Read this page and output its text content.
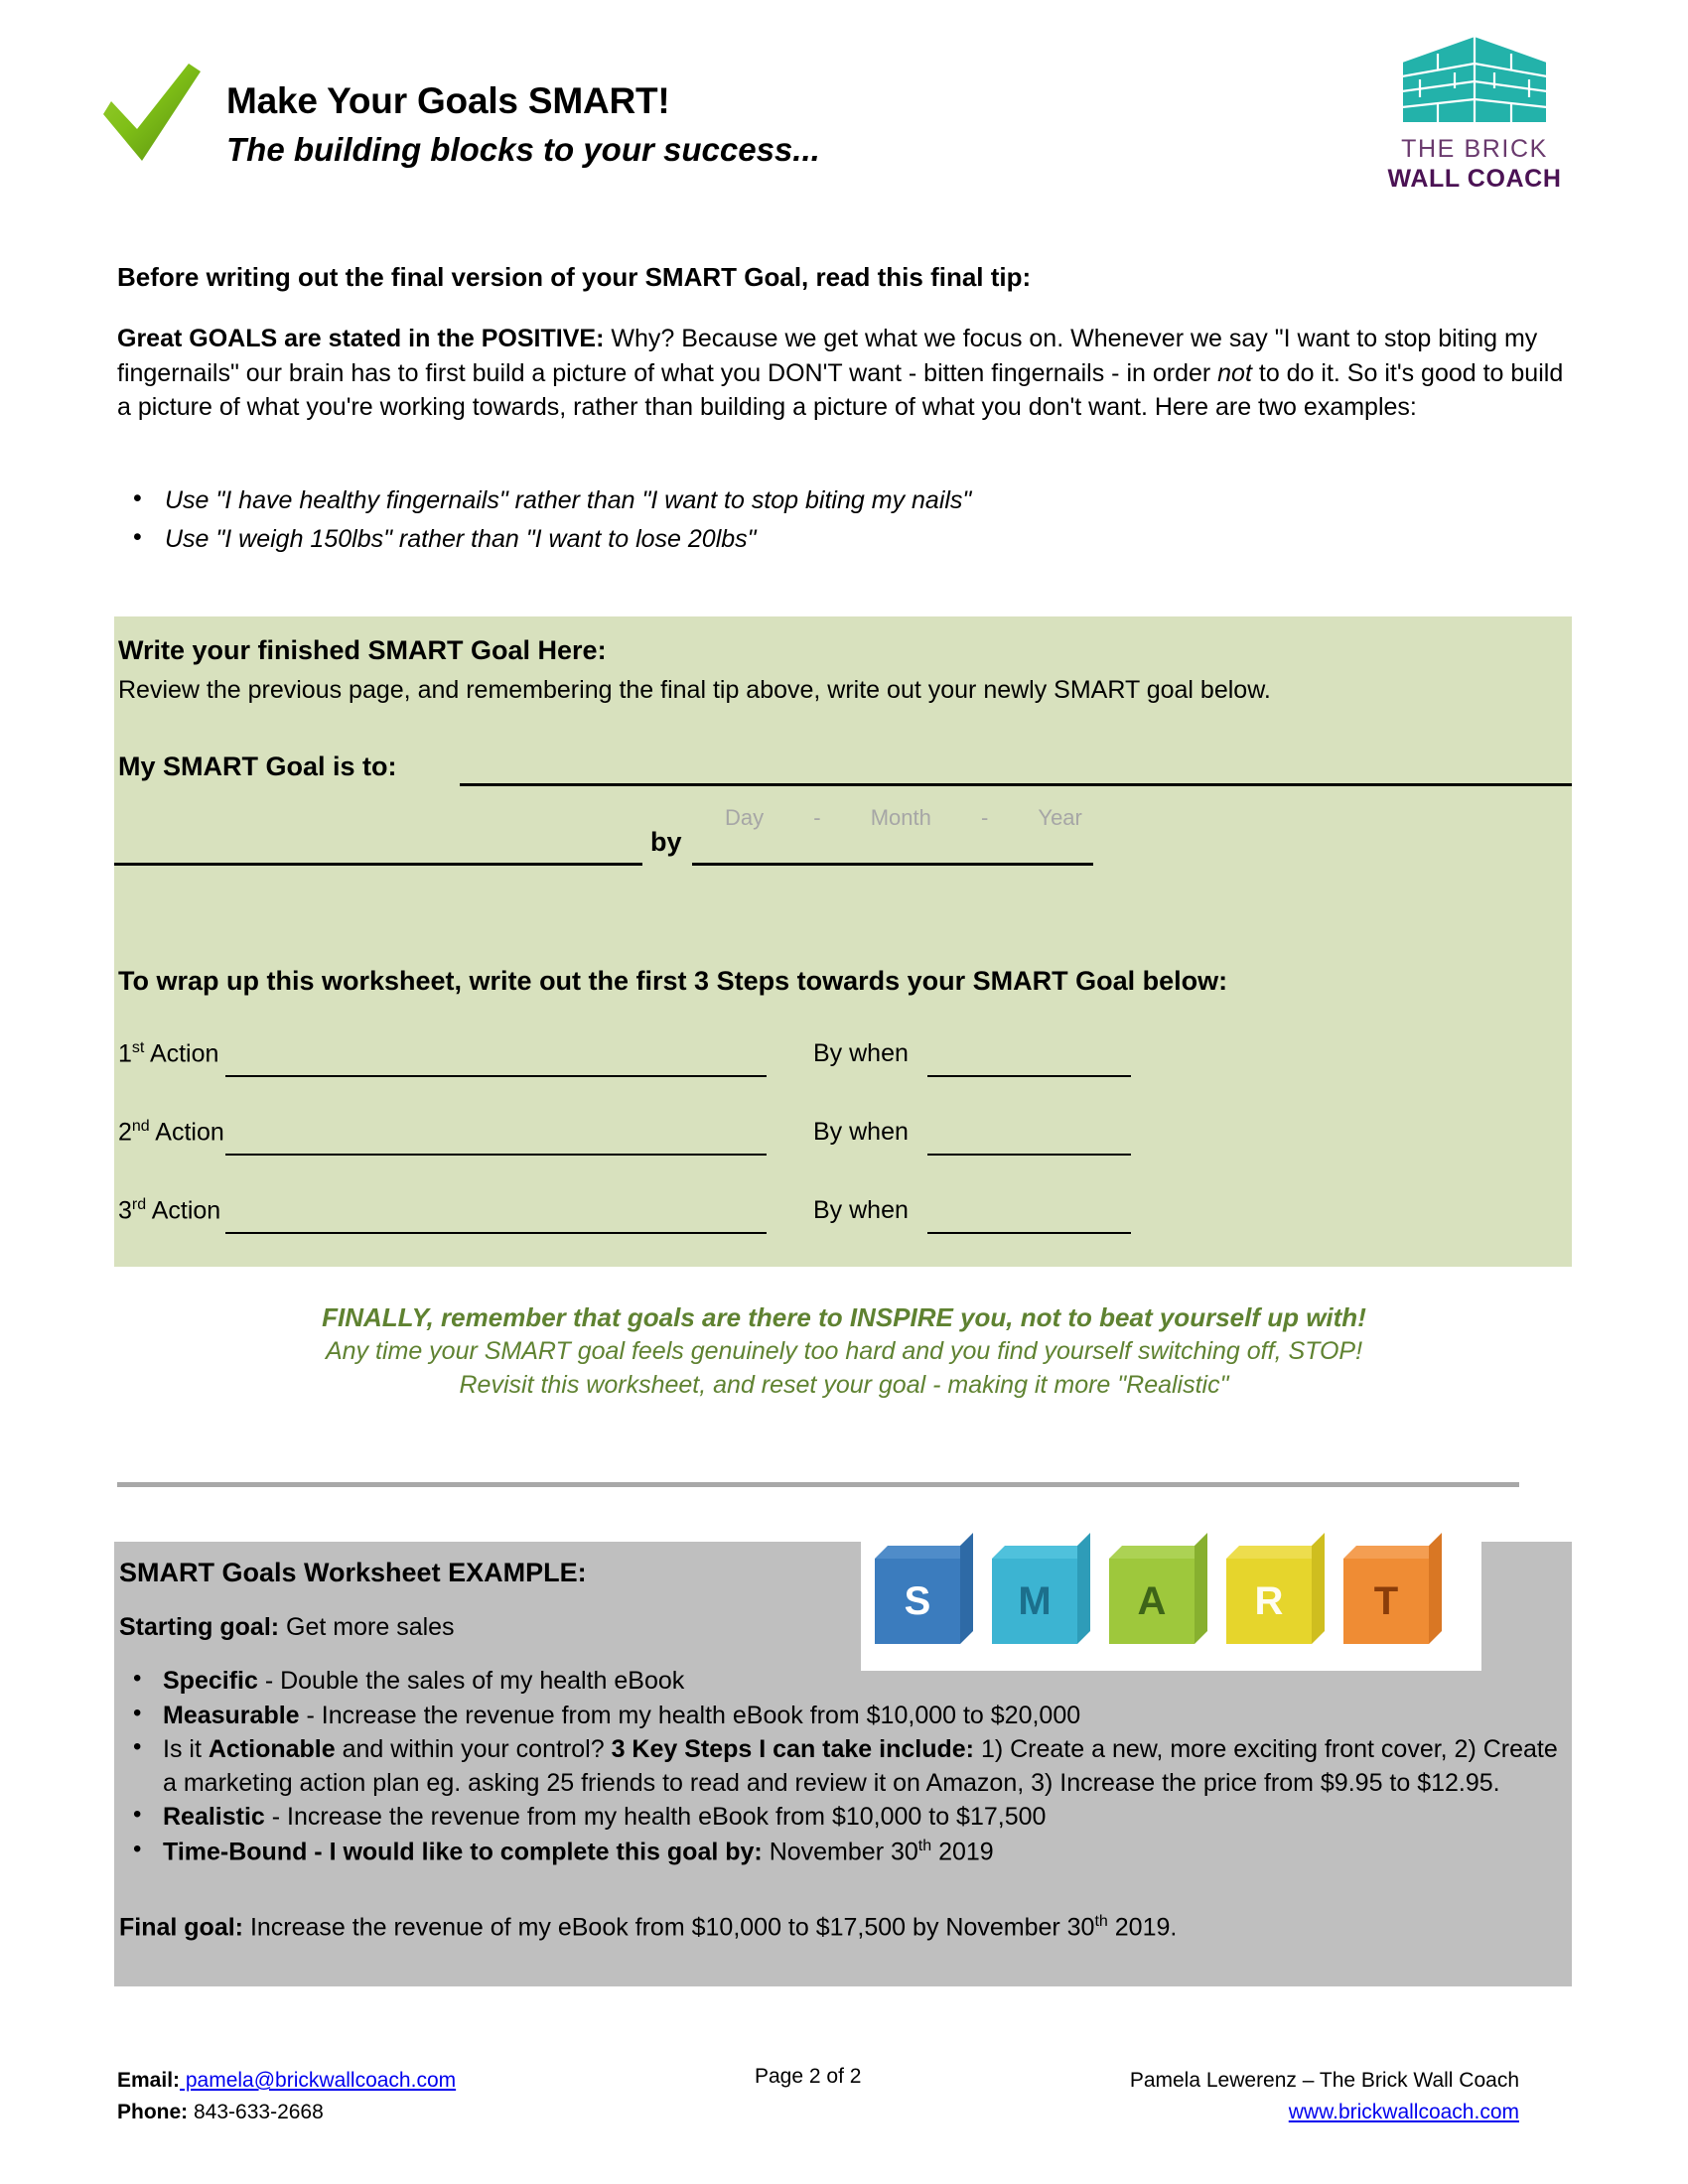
Make Your Goals SMART!
The building blocks to your success...	THE BRICK
WALL COACH
Before writing out the final version of your SMART Goal, read this final tip:
Great GOALS are stated in the POSITIVE: Why? Because we get what we focus on. Whenever we say "I want to stop biting my fingernails" our brain has to first build a picture of what you DON'T want - bitten fingernails - in order not to do it. So it's good to build a picture of what you're working towards, rather than building a picture of what you don't want. Here are two examples:
• Use "I have healthy fingernails" rather than "I want to stop biting my nails"
• Use "I weigh 150lbs" rather than "I want to lose 20lbs"
Write your finished SMART Goal Here:
Review the previous page, and remembering the final tip above, write out your newly SMART goal below.
My SMART Goal is to:
by
Day - Month - Year
To wrap up this worksheet, write out the first 3 Steps towards your SMART Goal below:
1st Action	By when
2nd Action	By when
3rd Action	By when
FINALLY, remember that goals are there to INSPIRE you, not to beat yourself up with!
Any time your SMART goal feels genuinely too hard and you find yourself switching off, STOP!
Revisit this worksheet, and reset your goal - making it more "Realistic"
SMART Goals Worksheet EXAMPLE:
Starting goal: Get more sales
S M A R T
• Specific - Double the sales of my health eBook
• Measurable - Increase the revenue from my health eBook from $10,000 to $20,000
• Is it Actionable and within your control? 3 Key Steps I can take include: 1) Create a new, more exciting front cover, 2) Create a marketing action plan eg. asking 25 friends to read and review it on Amazon, 3) Increase the price from $9.95 to $12.95.
• Realistic - Increase the revenue from my health eBook from $10,000 to $17,500
• Time-Bound - I would like to complete this goal by: November 30th 2019
Final goal: Increase the revenue of my eBook from $10,000 to $17,500 by November 30th 2019.
Email: pamela@brickwallcoach.com
Phone: 843-633-2668
Page 2 of 2	Pamela Lewerenz – The Brick Wall Coach
www.brickwallcoach.com
